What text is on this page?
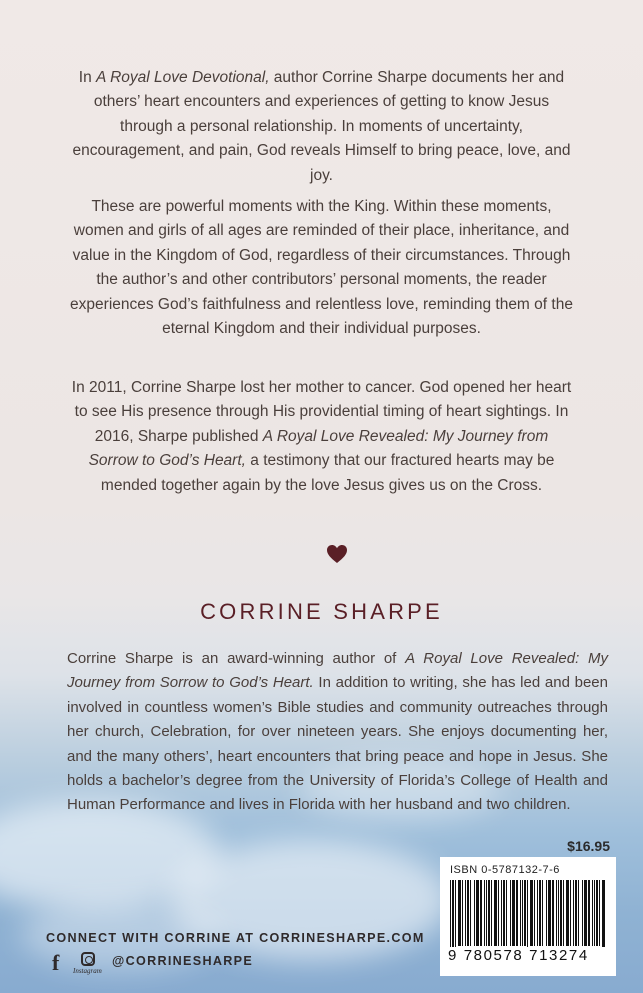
In A Royal Love Devotional, author Corrine Sharpe documents her and others’ heart encounters and experiences of getting to know Jesus through a personal relationship. In moments of uncertainty, encouragement, and pain, God reveals Himself to bring peace, love, and joy.

These are powerful moments with the King. Within these moments, women and girls of all ages are reminded of their place, inheritance, and value in the Kingdom of God, regardless of their circumstances. Through the author’s and other contributors’ personal moments, the reader experiences God’s faithfulness and relentless love, reminding them of the eternal Kingdom and their individual purposes.

In 2011, Corrine Sharpe lost her mother to cancer. God opened her heart to see His presence through His providential timing of heart sightings. In 2016, Sharpe published A Royal Love Revealed: My Journey from Sorrow to God’s Heart, a testimony that our fractured hearts may be mended together again by the love Jesus gives us on the Cross.

CORRINE SHARPE

Corrine Sharpe is an award-winning author of A Royal Love Revealed: My Journey from Sorrow to God’s Heart. In addition to writing, she has led and been involved in countless women’s Bible studies and community outreaches through her church, Celebration, for over nineteen years. She enjoys documenting her, and the many others’, heart encounters that bring peace and hope in Jesus. She holds a bachelor’s degree from the University of Florida’s College of Health and Human Performance and lives in Florida with her husband and two children.

$16.95
ISBN 0-5787132-7-6
9 780578 713274
CONNECT WITH CORRINE AT CORRINESHARPE.COM
f Instagram
@CORRINESHARPE
